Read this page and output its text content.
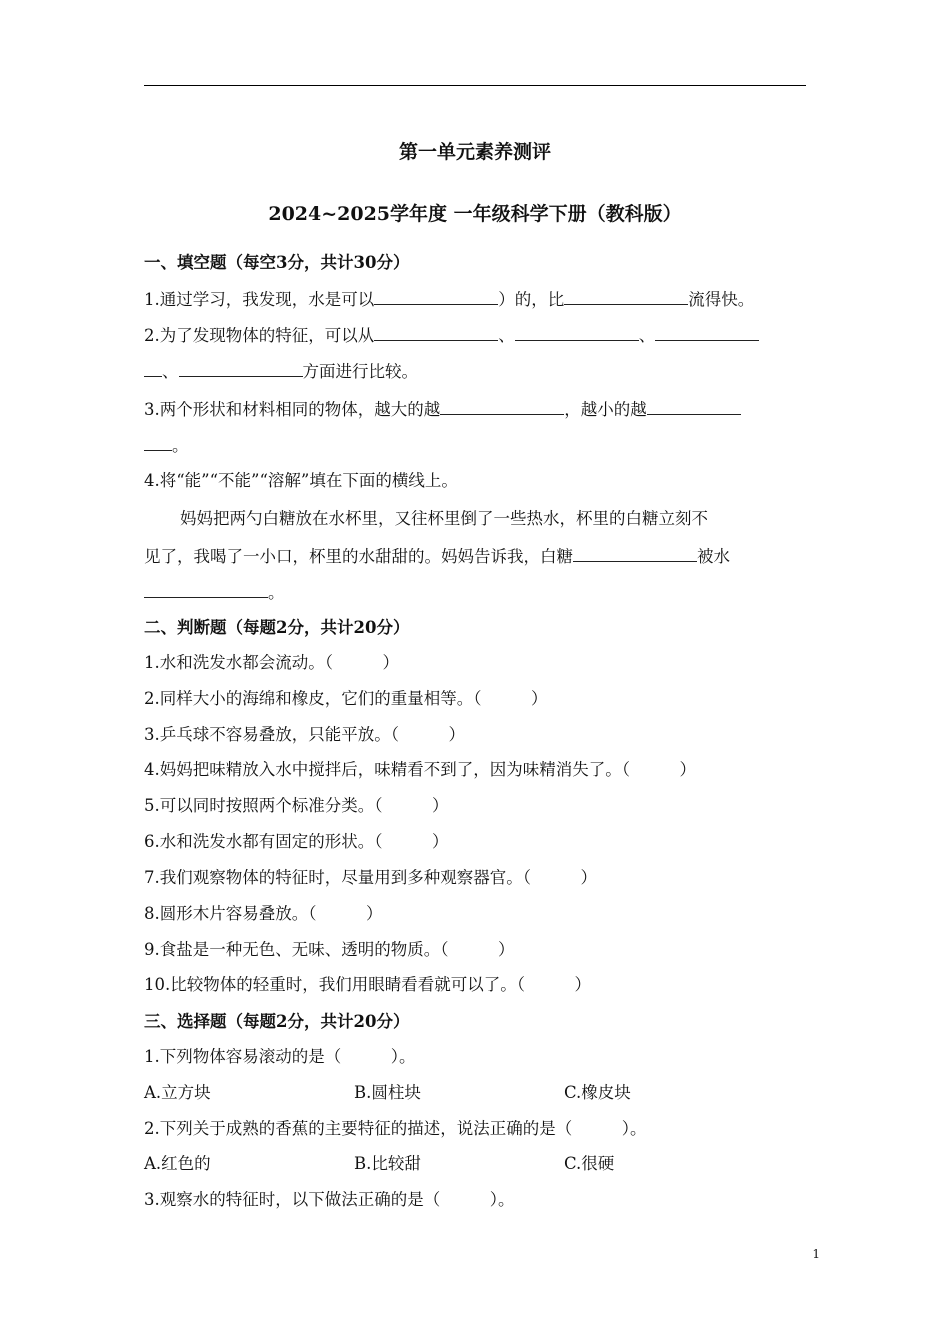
第一单元素养测评
2024~2025学年度 一年级科学下册（教科版）
一、填空题（每空3分，共计30分）
1.通过学习，我发现，水是可以	）的，比	流得快。
2.为了发现物体的特征，可以从	、	、
、	方面进行比较。
3.两个形状和材料相同的物体，越大的越	，越小的越
。
4.将“能”“不能”“溶解”填在下面的横线上。
妈妈把两勺白糖放在水杯里，又往杯里倒了一些热水，杯里的白糖立刻不
见了，我喝了一小口，杯里的水甜甜的。妈妈告诉我，白糖	被水
。
二、判断题（每题2分，共计20分）
1.水和洗发水都会流动。（　　　）
2.同样大小的海绵和橡皮，它们的重量相等。（　　　）
3.乒乓球不容易叠放，只能平放。（　　　）
4.妈妈把味精放入水中搅拌后，味精看不到了，因为味精消失了。（　　　）
5.可以同时按照两个标准分类。（　　　）
6.水和洗发水都有固定的形状。（　　　）
7.我们观察物体的特征时，尽量用到多种观察器官。（　　　）
8.圆形木片容易叠放。（　　　）
9.食盐是一种无色、无味、透明的物质。（　　　）
10.比较物体的轻重时，我们用眼睛看看就可以了。（　　　）
三、选择题（每题2分，共计20分）
1.下列物体容易滚动的是（　　　）。
A.立方块	B.圆柱块	C.橡皮块
2.下列关于成熟的香蕉的主要特征的描述，说法正确的是（　　　）。
A.红色的	B.比较甜	C.很硬
3.观察水的特征时，以下做法正确的是（　　　）。
1
